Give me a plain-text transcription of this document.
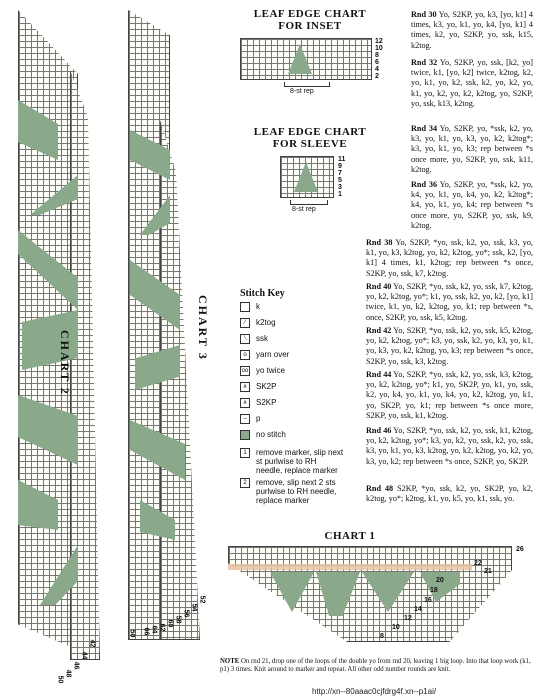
CHART 2
42
44
46
48
50
CHART 3
52
54
56
58
60
62
64
66
50
LEAF EDGE CHART
FOR INSET
12
10
8
6
4
2
8-st rep
LEAF EDGE CHART
FOR SLEEVE
11
9
7
5
3
1
8-st rep
Stitch Key
k
⁄ k2tog
⁄ ssk
o yarn over
oo yo twice
∧ SK2P
∧ S2KP
– p
no stitch
1 remove marker, slip next st purlwise to RH needle, replace marker
2 remove, slip next 2 sts purlwise to RH needle, replace marker
Rnd 30 Yo, S2KP, yo, k3, [yo, k1] 4 times, k3, yo, k1, yo, k4, [yo, k1] 4 times, k2, yo, S2KP, yo, ssk, k15, k2tog.
Rnd 32 Yo, S2KP, yo, ssk, [k2, yo] twice, k1, [yo, k2] twice, k2tog, k2, yo, k1, yo, k2, ssk, k2, yo, k2, yo, k1, yo, k2, yo, k2, k2tog, yo, S2KP, yo, ssk, k13, k2tog.
Rnd 34 Yo, S2KP, yo, *ssk, k2, yo, k3, yo, k1, yo, k3, yo, k2, k2tog*; k3, yo, k1, yo, k3; rep between *s once more, yo, S2KP, yo, ssk, k11, k2tog.
Rnd 36 Yo, S2KP, yo, *ssk, k2, yo, k4, yo, k1, yo, k4, yo, k2, k2tog*; k4, yo, k1, yo, k4; rep between *s once more, yo, S2KP, yo, ssk, k9, k2tog.
Rnd 38 Yo, S2KP, *yo, ssk, k2, yo, ssk, k3, yo, k1, yo, k3, k2tog, yo, k2, k2tog, yo*; ssk, k2, [yo, k1] 4 times, k1, k2tog; rep between *s once, S2KP, yo, ssk, k7, k2tog.
Rnd 40 Yo, S2KP, *yo, ssk, k2, yo, ssk, k7, k2tog, yo, k2, k2tog, yo*; k1, yo, ssk, k2, yo, k2, [yo, k1] twice, k1, yo, k2, k2tog, yo, k1; rep between *s, once, S2KP, yo, ssk, k5, k2tog.
Rnd 42 Yo, S2KP, *yo, ssk, k2, yo, ssk, k5, k2tog, yo, k2, k2tog, yo*; k3, yo, ssk, k2, yo, k3, yo, k1, yo, k3, yo, k2, k2tog, yo, k3; rep between *s once, S2KP, yo, ssk, k3, k2tog.
Rnd 44 Yo, S2KP, *yo, ssk, k2, yo, ssk, k3, k2tog, yo, k2, k2tog, yo*; k1, yo, SK2P, yo, k1, yo, ssk, k2, yo, k4, yo, k1, yo, k4, yo, k2, k2tog, yo, k1, yo, SK2P, yo, k1; rep between *s once more, S2KP, yo, ssk, k1, k2tog.
Rnd 46 Yo, S2KP, *yo, ssk, k2, yo, ssk, k1, k2tog, yo, k2, k2tog, yo*; k3, yo, k2, yo, ssk, k2, yo, ssk, k3, yo, k1, yo, k3, k2tog, yo, k2, k2tog, yo, k2, yo, k3, yo, k2; rep between *s once, S2KP, yo, SK2P.
Rnd 48 S2KP, *yo, ssk, k2, yo, SK2P, yo, k2, k2tog, yo*; k2tog, k1, yo, k5, yo, k1, ssk, yo.
CHART 1
26
22
21
20
18
16
14
12
10
8
NOTE On rnd 21, drop one of the loops of the double yo from rnd 20, leaving 1 big loop. Into that loop work (k1, p1) 3 times. Knit around to marker and repeat. All other odd number rounds are knit.
http://xn--80aaac0cjfdrg4f.xn--p1ai/
